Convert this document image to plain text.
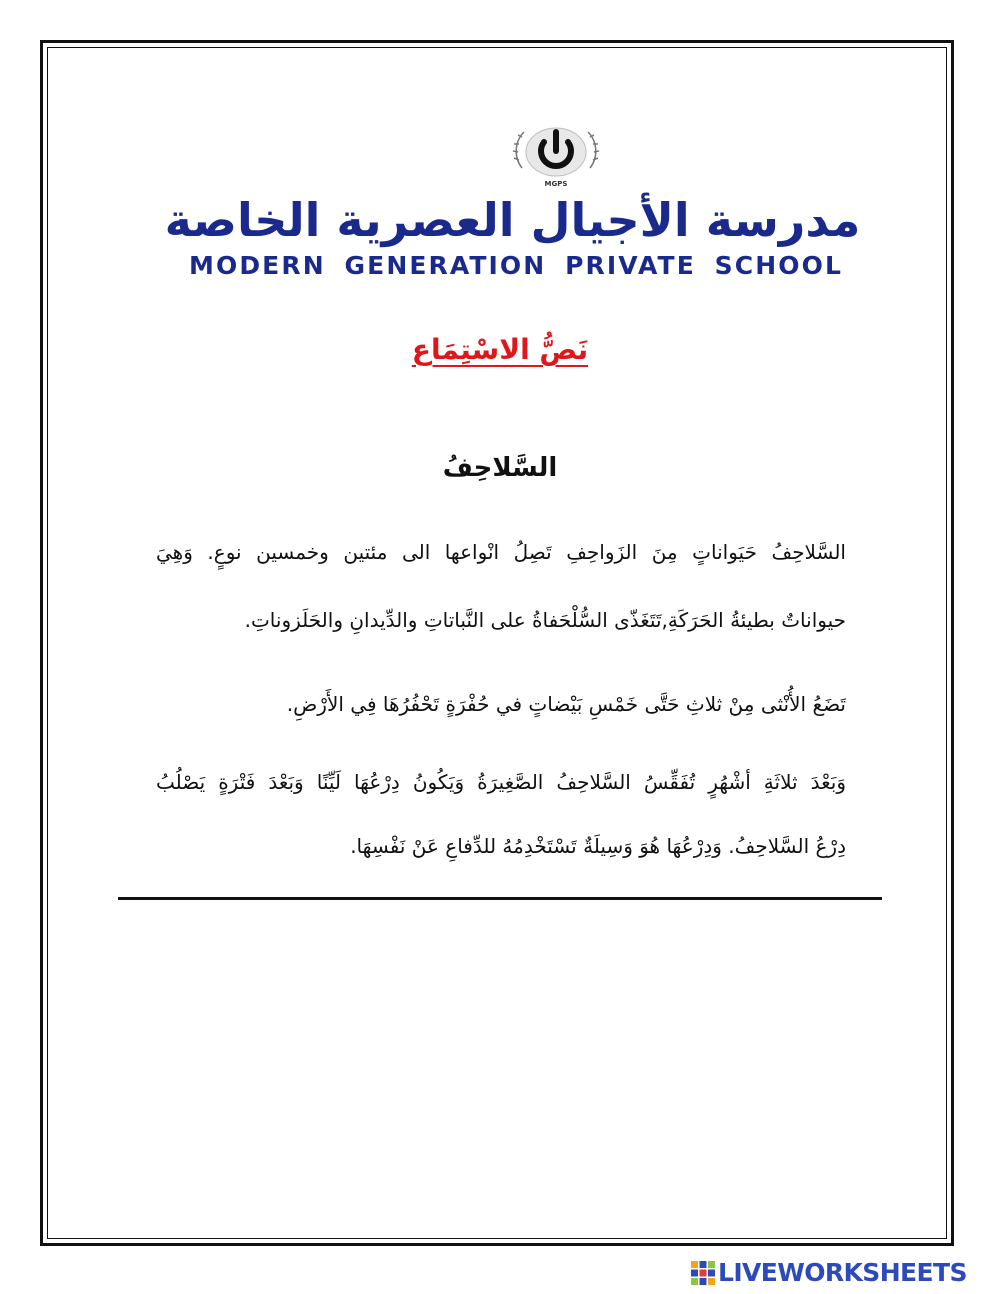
MGPS
مدرسة الأجيال العصرية الخاصة
MODERN GENERATION PRIVATE SCHOOL
نَصُّ الاسْتِمَاع
السَّلاحِفُ

السَّلاحِفُ حَيَواناتٍ مِنَ الزَواحِفِ تَصِلُ انْواعها الى مئتين وخمسين نوعٍ. وَهِيَ

حيواناتٌ بطيئةُ الحَرَكَةِ,تَتَغَذّى السُّلْحَفاةُ على النَّباتاتِ والدِّيدانِ والحَلَزوناتِ.

تَضَعُ الأُنْثى مِنْ ثلاثِ حَتَّى خَمْسِ بَيْضاتٍ في حُفْرَةٍ تَحْفُرُهَا فِي الأَرْضِ.

وَبَعْدَ ثلاثَةِ أشْهُرٍ تُفَقِّسُ السَّلاحِفُ الصَّغِيرَةُ وَيَكُونُ دِرْعُهَا لَيِّنًا وَبَعْدَ فَتْرَةٍ يَصْلُبُ

دِرْعُ السَّلاحِفُ. وَدِرْعُهَا هُوَ وَسِيلَةٌ تَسْتَخْدِمُهُ للدِّفاعِ عَنْ نَفْسِهَا.

LIVEWORKSHEETS
